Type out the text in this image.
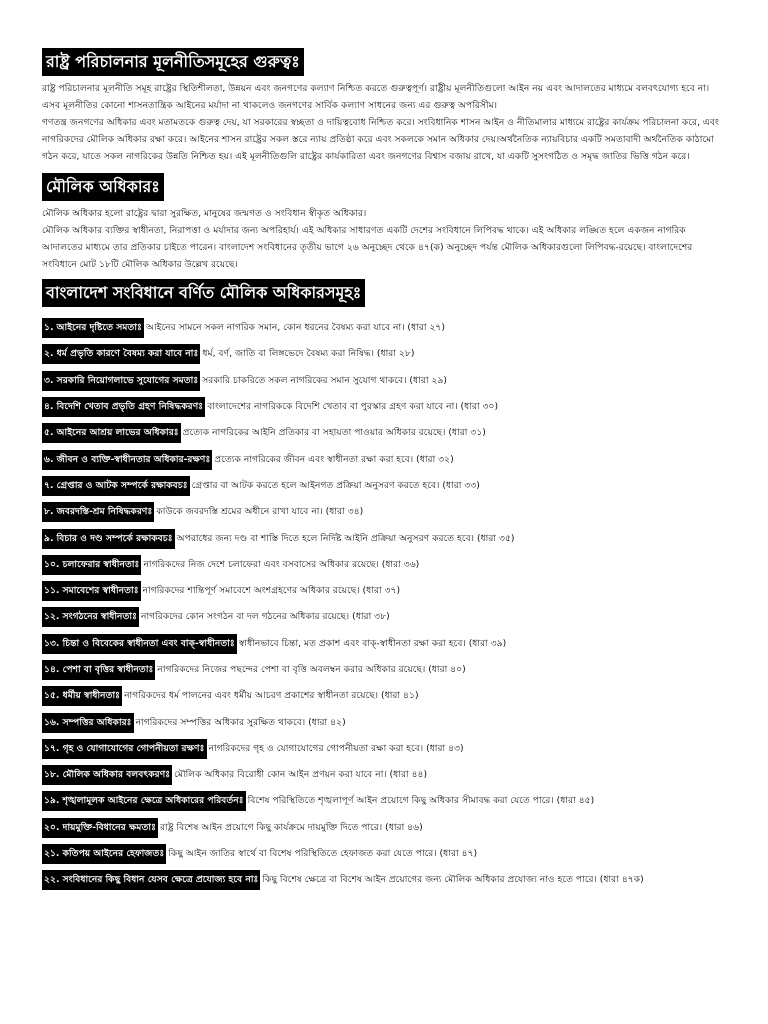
রাষ্ট্র পরিচালনার মূলনীতিসমূহের গুরুত্বঃ

রাষ্ট্র পরিচালনার মূলনীতি সমূহ রাষ্ট্রের স্থিতিশীলতা, উন্নয়ন এবং জনগণের কল্যাণ নিশ্চিত করতে গুরুত্বপূর্ণ। রাষ্ট্রীয় মূলনীতিগুলো আইন নয় এবং আদালতের মাধ্যমে বলবৎযোগ্য হবে না। এসব মূলনীতির কোনো শাসনতান্ত্রিক আইনের মর্যাদা না থাকলেও জনগণের সার্বিক কল্যাণ সাধনের জন্য এর গুরুত্ব অপরিসীম।

গণতন্ত্র জনগণের অধিকার এবং মতামতকে গুরুত্ব দেয়, যা সরকারের স্বচ্ছতা ও দায়িত্ববোধ নিশ্চিত করে। সংবিধানিক শাসন আইন ও নীতিমালার মাধ্যমে রাষ্ট্রের কার্যক্রম পরিচালনা করে, এবং নাগরিকদের মৌলিক অধিকার রক্ষা করে। আইনের শাসন রাষ্ট্রের সকল স্তরে ন্যায় প্রতিষ্ঠা করে এবং সকলকে সমান অধিকার দেয়।অর্থনৈতিক ন্যায়বিচার একটি সমতাবাদী অর্থনৈতিক কাঠামো গঠন করে, যাতে সকল নাগরিকের উন্নতি নিশ্চিত হয়। এই মূলনীতিগুলি রাষ্ট্রের কার্যকারিতা এবং জনগণের বিশ্বাস বজায় রাখে, যা একটি সুসংগঠিত ও সমৃদ্ধ জাতির ভিত্তি গঠন করে।

মৌলিক অধিকারঃ

মৌলিক অধিকার হলো রাষ্ট্রের দ্বারা সুরক্ষিত, মানুষের জন্মগত ও সংবিধান স্বীকৃত অধিকার।

মৌলিক অধিকার ব্যক্তির স্বাধীনতা, নিরাপত্তা ও মর্যাদার জন্য অপরিহার্য। এই অধিকার সাধারণত একটি দেশের সংবিধানে লিপিবদ্ধ থাকে। এই অধিকার লঙ্ঘিত হলে একজন নাগরিক আদালতের মাধ্যমে তার প্রতিকার চাইতে পারেন। বাংলাদেশ সংবিধানের তৃতীয় ভাগে ২৬ অনুচ্ছেদ থেকে ৪৭(ক) অনুচ্ছেদ পর্যন্ত মৌলিক অধিকারগুলো লিপিবদ্ধ-রয়েছে। বাংলাদেশের সংবিধানে মোট ১৮টি মৌলিক অধিকার উল্লেখ রয়েছে।

বাংলাদেশ সংবিধানে বর্ণিত মৌলিক অধিকারসমূহঃ
১. আইনের দৃষ্টিতে সমতাঃ আইনের সামনে সকল নাগরিক সমান, কোন ধরনের বৈষম্য করা যাবে না। (ধারা ২৭)
২. ধর্ম প্রভৃতি কারণে বৈষম্য করা যাবে নাঃ ধর্ম, বর্ণ, জাতি বা লিঙ্গভেদে বৈষম্য করা নিষিদ্ধ। (ধারা ২৮)
৩. সরকারি নিয়োগলাভে সুযোগের সমতাঃ সরকারি চাকরিতে সকল নাগরিকের সমান সুযোগ থাকবে। (ধারা ২৯)
৪. বিদেশি খেতাব প্রভৃতি গ্রহণ নিষিদ্ধকরণঃ বাংলাদেশের নাগরিককে বিদেশি খেতাব বা পুরস্কার গ্রহণ করা যাবে না। (ধারা ৩০)
৫. আইনের আশ্রয় লাভের অধিকারঃ প্রত্যেক নাগরিকের আইনি প্রতিকার বা সহায়তা পাওয়ার অধিকার রয়েছে। (ধারা ৩১)
৬. জীবন ও ব্যক্তি-স্বাধীনতার অধিকার-রক্ষণঃ প্রত্যেক নাগরিকের জীবন এবং স্বাধীনতা রক্ষা করা হবে। (ধারা ৩২)
৭. গ্রেপ্তার ও আটক সম্পর্কে রক্ষাকবচঃ গ্রেপ্তার বা আটক করতে হলে আইনগত প্রক্রিয়া অনুসরণ করতে হবে। (ধারা ৩৩)
৮. জবরদস্তি-শ্রম নিষিদ্ধকরণঃ কাউকে জবরদস্তি শ্রমের অধীনে রাখা যাবে না। (ধারা ৩৪)
৯. বিচার ও দণ্ড সম্পর্কে রক্ষাকবচঃ অপরাধের জন্য দণ্ড বা শাস্তি দিতে হলে নির্দিষ্ট আইনি প্রক্রিয়া অনুসরণ করতে হবে। (ধারা ৩৫)
১০. চলাফেরার স্বাধীনতাঃ নাগরিকদের নিজ দেশে চলাফেরা এবং বসবাসের অধিকার রয়েছে। (ধারা ৩৬)
১১. সমাবেশের স্বাধীনতাঃ নাগরিকদের শান্তিপূর্ণ সমাবেশে অংশগ্রহণের অধিকার রয়েছে। (ধারা ৩৭)
১২. সংগঠনের স্বাধীনতাঃ নাগরিকদের কোন সংগঠন বা দল গঠনের অধিকার রয়েছে। (ধারা ৩৮)
১৩. চিন্তা ও বিবেকের স্বাধীনতা এবং বাক্-স্বাধীনতাঃ স্বাধীনভাবে চিন্তা, মত প্রকাশ এবং বাক্-স্বাধীনতা রক্ষা করা হবে। (ধারা ৩৯)
১৪. পেশা বা বৃত্তির স্বাধীনতাঃ নাগরিকদের নিজের পছন্দের পেশা বা বৃত্তি অবলম্বন করার অধিকার রয়েছে। (ধারা ৪০)
১৫. ধর্মীয় স্বাধীনতাঃ নাগরিকদের ধর্ম পালনের এবং ধর্মীয় আচরণ প্রকাশের স্বাধীনতা রয়েছে। (ধারা ৪১)
১৬. সম্পত্তির অধিকারঃ নাগরিকদের সম্পত্তির অধিকার সুরক্ষিত থাকবে। (ধারা ৪২)
১৭. গৃহ ও যোগাযোগের গোপনীয়তা রক্ষণঃ নাগরিকদের গৃহ ও যোগাযোগের গোপনীয়তা রক্ষা করা হবে। (ধারা ৪৩)
১৮. মৌলিক অধিকার বলবৎকরণঃ মৌলিক অধিকার বিরোধী কোন আইন প্রণয়ন করা যাবে না। (ধারা ৪৪)
১৯. শৃঙ্খলামূলক আইনের ক্ষেত্রে অধিকারের পরিবর্তনঃ বিশেষ পরিস্থিতিতে শৃঙ্খলাপূর্ণ আইন প্রয়োগে কিছু অধিকার সীমাবদ্ধ করা যেতে পারে। (ধারা ৪৫)
২০. দায়মুক্তি-বিধানের ক্ষমতাঃ রাষ্ট্র বিশেষ আইন প্রয়োগে কিছু কার্যক্রমে দায়মুক্তি দিতে পারে। (ধারা ৪৬)
২১. কতিপয় আইনের হেফাজতঃ কিছু আইন জাতির স্বার্থে বা বিশেষ পরিস্থিতিতে হেফাজত করা যেতে পারে। (ধারা ৪৭)
২২. সংবিধানের কিছু বিধান যেসব ক্ষেত্রে প্রযোজ্য হবে নাঃ কিছু বিশেষ ক্ষেত্রে বা বিশেষ আইন প্রয়োগের জন্য মৌলিক অধিকার প্রযোজ্য নাও হতে পারে। (ধারা ৪৭ক)
